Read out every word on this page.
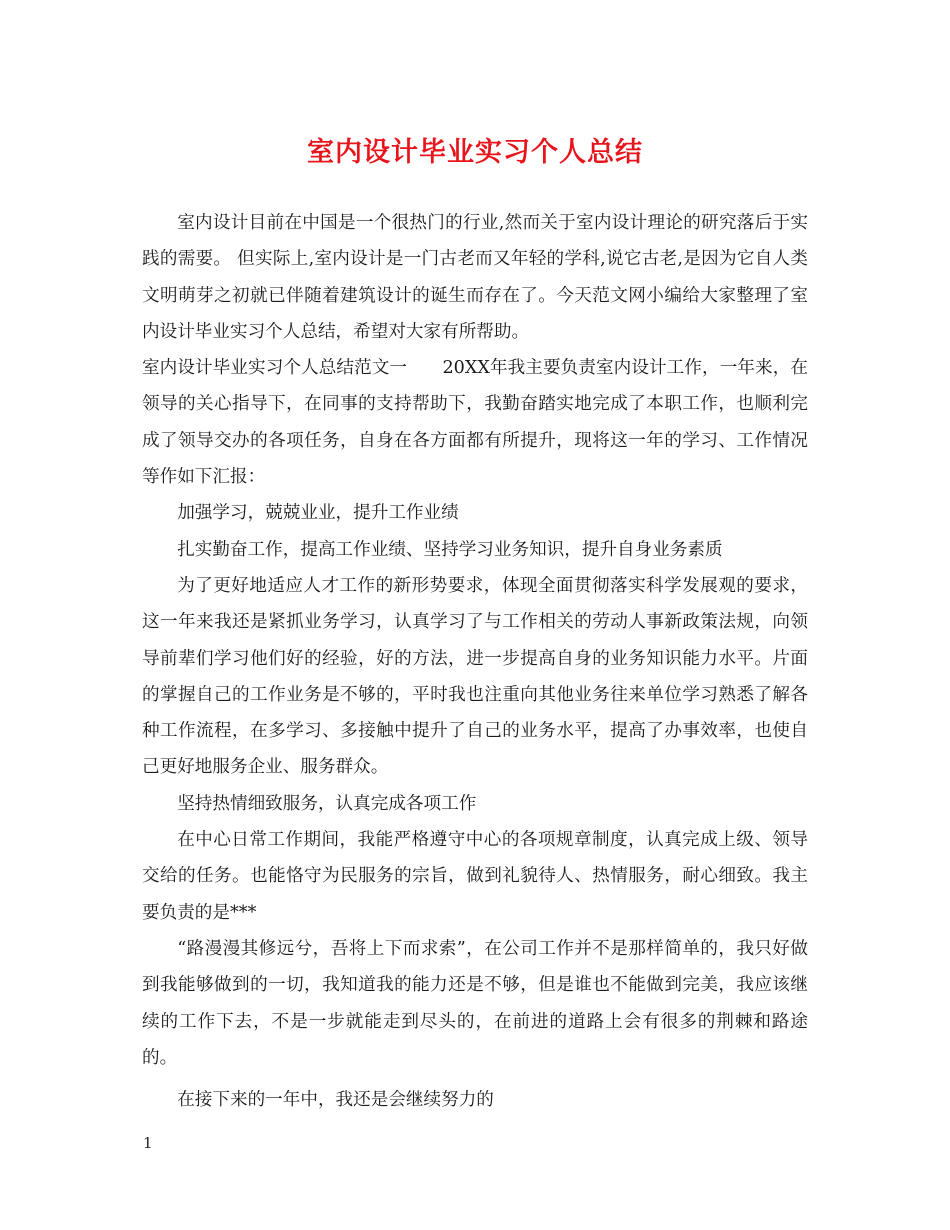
室内设计毕业实习个人总结

室内设计目前在中国是一个很热门的行业,然而关于室内设计理论的研究落后于实践的需要。 但实际上,室内设计是一门古老而又年轻的学科,说它古老,是因为它自人类文明萌芽之初就已伴随着建筑设计的诞生而存在了。今天范文网小编给大家整理了室内设计毕业实习个人总结，希望对大家有所帮助。

室内设计毕业实习个人总结范文一　　20XX年我主要负责室内设计工作，一年来，在领导的关心指导下，在同事的支持帮助下，我勤奋踏实地完成了本职工作，也顺利完成了领导交办的各项任务，自身在各方面都有所提升，现将这一年的学习、工作情况等作如下汇报：

加强学习，兢兢业业，提升工作业绩

扎实勤奋工作，提高工作业绩、坚持学习业务知识，提升自身业务素质

为了更好地适应人才工作的新形势要求，体现全面贯彻落实科学发展观的要求，这一年来我还是紧抓业务学习，认真学习了与工作相关的劳动人事新政策法规，向领导前辈们学习他们好的经验，好的方法，进一步提高自身的业务知识能力水平。片面的掌握自己的工作业务是不够的，平时我也注重向其他业务往来单位学习熟悉了解各种工作流程，在多学习、多接触中提升了自己的业务水平，提高了办事效率，也使自己更好地服务企业、服务群众。

坚持热情细致服务，认真完成各项工作

在中心日常工作期间，我能严格遵守中心的各项规章制度，认真完成上级、领导交给的任务。也能恪守为民服务的宗旨，做到礼貌待人、热情服务，耐心细致。我主要负责的是***

“路漫漫其修远兮，吾将上下而求索”，在公司工作并不是那样简单的，我只好做到我能够做到的一切，我知道我的能力还是不够，但是谁也不能做到完美，我应该继续的工作下去，不是一步就能走到尽头的，在前进的道路上会有很多的荆棘和路途的。

在接下来的一年中，我还是会继续努力的

1
